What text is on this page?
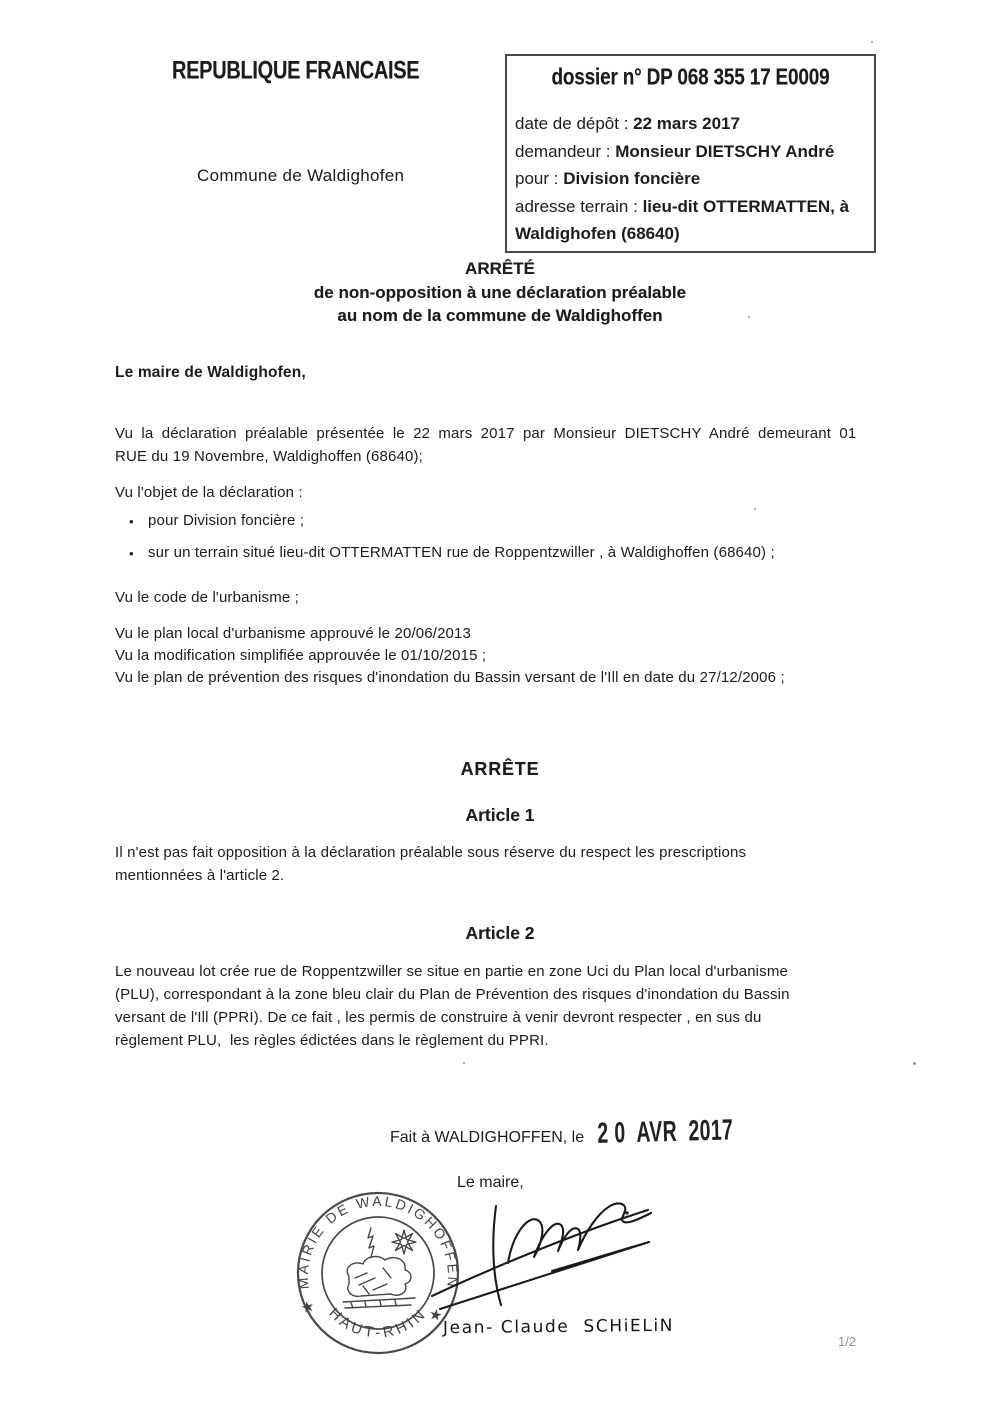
REPUBLIQUE FRANCAISE
Commune de Waldighofen
dossier n° DP 068 355 17 E0009
date de dépôt : 22 mars 2017
demandeur : Monsieur DIETSCHY André
pour : Division foncière
adresse terrain : lieu-dit OTTERMATTEN, à Waldighofen (68640)
ARRÊTÉ
de non-opposition à une déclaration préalable
au nom de la commune de Waldighoffen
Le maire de Waldighofen,
Vu la déclaration préalable présentée le 22 mars 2017 par Monsieur DIETSCHY André demeurant 01
RUE du 19 Novembre, Waldighoffen (68640);
Vu l'objet de la déclaration :
• pour Division foncière ;
• sur un terrain situé lieu-dit OTTERMATTEN rue de Roppentzwiller , à Waldighoffen (68640) ;
Vu le code de l'urbanisme ;
Vu le plan local d'urbanisme approuvé le 20/06/2013
Vu la modification simplifiée approuvée le 01/10/2015 ;
Vu le plan de prévention des risques d'inondation du Bassin versant de l'Ill en date du 27/12/2006 ;
ARRÊTE
Article 1
Il n'est pas fait opposition à la déclaration préalable sous réserve du respect les prescriptions
mentionnées à l'article 2.
Article 2
Le nouveau lot crée rue de Roppentzwiller se situe en partie en zone Uci du Plan local d'urbanisme
(PLU), correspondant à la zone bleu clair du Plan de Prévention des risques d'inondation du Bassin
versant de l'Ill (PPRI). De ce fait , les permis de construire à venir devront respecter , en sus du
règlement PLU,  les règles édictées dans le règlement du PPRI.
Fait à WALDIGHOFFEN, le 2 0  AVR  2017
Le maire,
MAIRIE DE WALDIGHOFFEN
HAUT-RHIN
★	★
Jean- Claude  SCHiELiN
1/2
